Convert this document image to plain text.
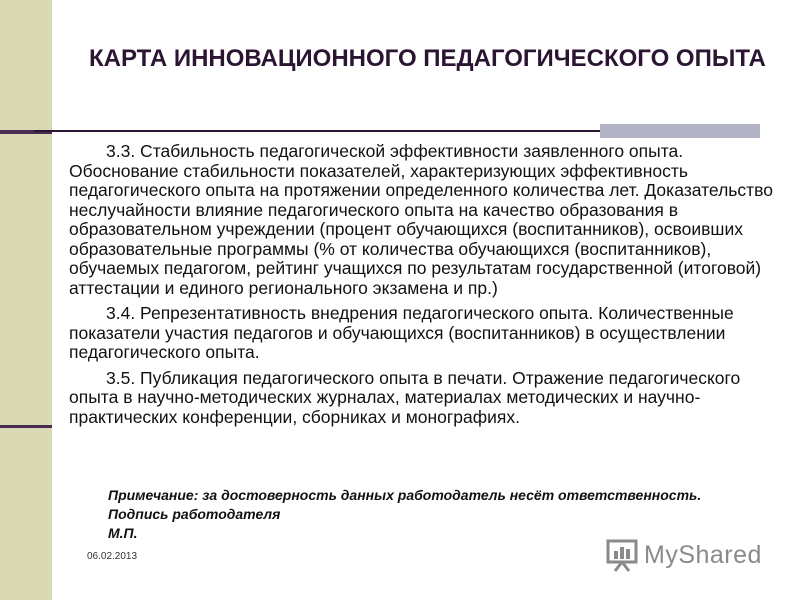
КАРТА ИННОВАЦИОННОГО ПЕДАГОГИЧЕСКОГО ОПЫТА

3.3. Стабильность педагогической эффективности заявленного опыта. Обоснование стабильности показателей, характеризующих эффективность педагогического опыта на протяжении определенного количества лет. Доказательство неслучайности влияние педагогического опыта на качество образования в образовательном учреждении (процент обучающихся (воспитанников), освоивших образовательные программы (% от количества обучающихся (воспитанников), обучаемых педагогом, рейтинг учащихся по результатам государственной (итоговой) аттестации и единого регионального экзамена и пр.)

3.4. Репрезентативность внедрения педагогического опыта. Количественные показатели участия педагогов и обучающихся (воспитанников) в осуществлении педагогического опыта.

3.5. Публикация педагогического опыта в печати. Отражение педагогического опыта в научно-методических журналах, материалах методических и научно-практических конференции, сборниках и монографиях.

Примечание: за достоверность данных работодатель несёт ответственность.
Подпись работодателя
М.П.
06.02.2013	MyShared
